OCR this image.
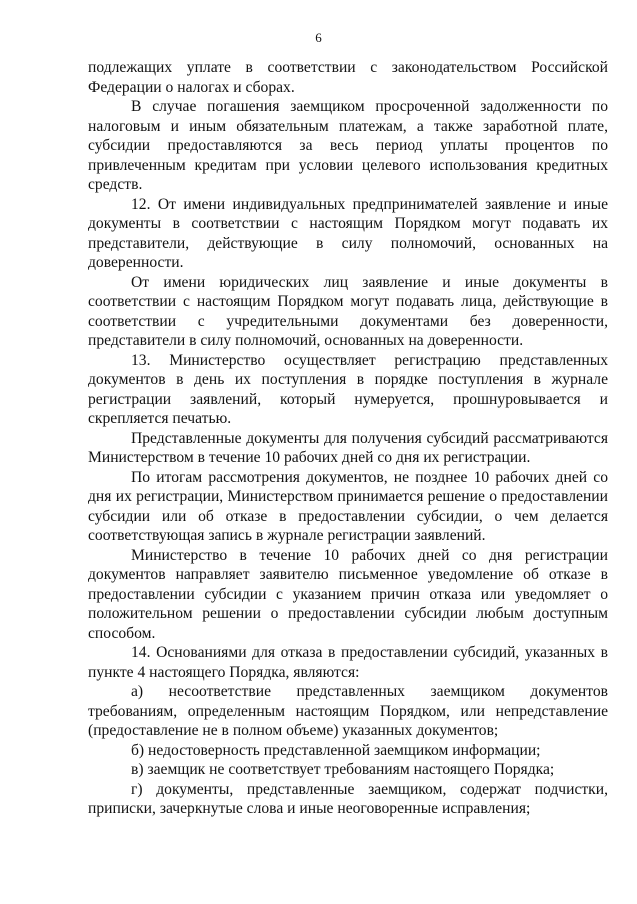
6

подлежащих уплате в соответствии с законодательством Российской Федерации о налогах и сборах.

В случае погашения заемщиком просроченной задолженности по налоговым и иным обязательным платежам, а также заработной плате, субсидии предоставляются за весь период уплаты процентов по привлеченным кредитам при условии целевого использования кредитных средств.

12. От имени индивидуальных предпринимателей заявление и иные документы в соответствии с настоящим Порядком могут подавать их представители, действующие в силу полномочий, основанных на доверенности.

От имени юридических лиц заявление и иные документы в соответствии с настоящим Порядком могут подавать лица, действующие в соответствии с учредительными документами без доверенности, представители в силу полномочий, основанных на доверенности.

13. Министерство осуществляет регистрацию представленных документов в день их поступления в порядке поступления в журнале регистрации заявлений, который нумеруется, прошнуровывается и скрепляется печатью.

Представленные документы для получения субсидий рассматриваются Министерством в течение 10 рабочих дней со дня их регистрации.

По итогам рассмотрения документов, не позднее 10 рабочих дней со дня их регистрации, Министерством принимается решение о предоставлении субсидии или об отказе в предоставлении субсидии, о чем делается соответствующая запись в журнале регистрации заявлений.

Министерство в течение 10 рабочих дней со дня регистрации документов направляет заявителю письменное уведомление об отказе в предоставлении субсидии с указанием причин отказа или уведомляет о положительном решении о предоставлении субсидии любым доступным способом.

14. Основаниями для отказа в предоставлении субсидий, указанных в пункте 4 настоящего Порядка, являются:

а) несоответствие представленных заемщиком документов требованиям, определенным настоящим Порядком, или непредставление (предоставление не в полном объеме) указанных документов;

б) недостоверность представленной заемщиком информации;

в) заемщик не соответствует требованиям настоящего Порядка;

г) документы, представленные заемщиком, содержат подчистки, приписки, зачеркнутые слова и иные неоговоренные исправления;
